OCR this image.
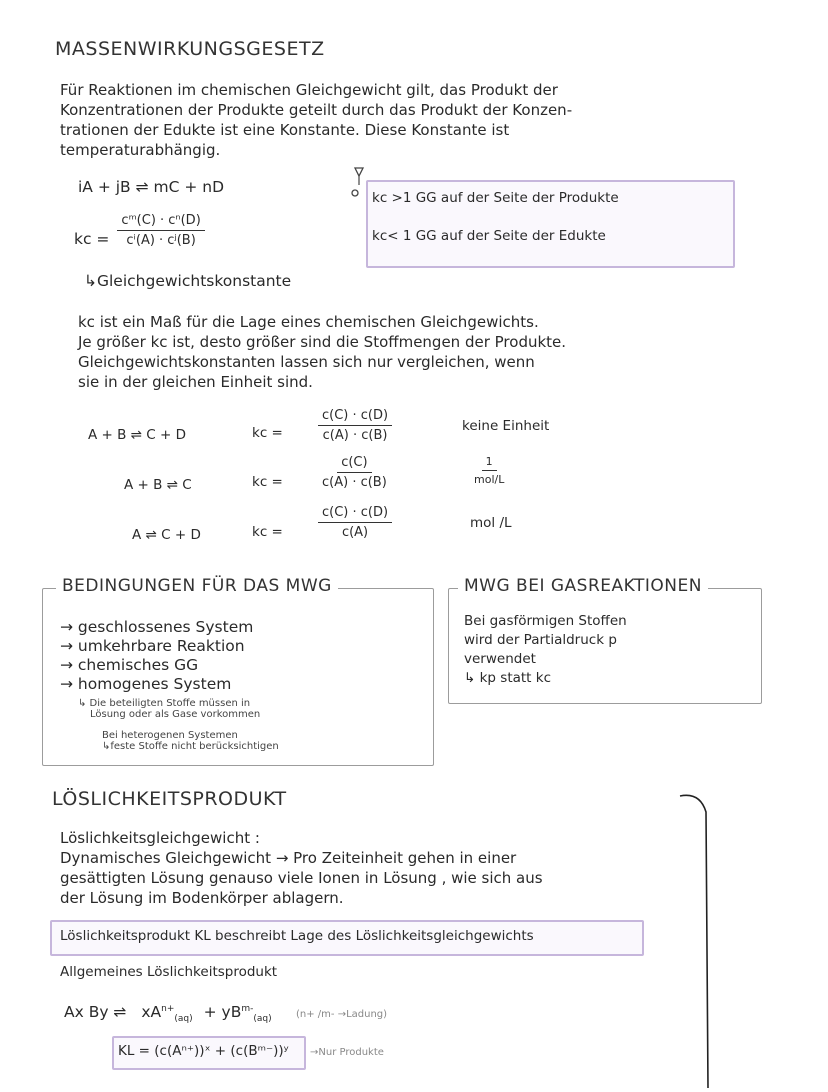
MASSENWIRKUNGSGESETZ
Für Reaktionen im chemischen Gleichgewicht gilt, das Produkt der
Konzentrationen der Produkte geteilt durch das Produkt der Konzen-
trationen der Edukte ist eine Konstante. Diese Konstante ist
temperaturabhängig.
iA + jB ⇌ mC + nD
kc = $\frac{\text{cᵐ(C) · cⁿ(D)}}{\text{cⁱ(A) · cʲ(B)}}$
↳Gleichgewichtskonstante
kc >1 GG auf der Seite der Produkte
kc< 1 GG auf der Seite der Edukte
kc ist ein Maß für die Lage eines chemischen Gleichgewichts.
Je größer kc ist, desto größer sind die Stoffmengen der Produkte.
Gleichgewichtskonstanten lassen sich nur vergleichen, wenn
sie in der gleichen Einheit sind.
A + B ⇌ C + D	kc =	$\frac{c(C) \cdot c(D)}{c(A) \cdot c(B)}$	keine Einheit
A + B ⇌ C	kc =	$\frac{c(C)}{c(A) \cdot c(B)}$	$\frac{1}{\text{mol/L}}$
A ⇌ C + D	kc =	$\frac{c(C) \cdot c(D)}{c(A)}$	mol /L
BEDINGUNGEN FÜR DAS MWG
→ geschlossenes System
→ umkehrbare Reaktion
→ chemisches GG
→ homogenes System
↳ Die beteiligten Stoffe müssen in
Lösung oder als Gase vorkommen
Bei heterogenen Systemen
↳feste Stoffe nicht berücksichtigen
MWG BEI GASREAKTIONEN
Bei gasförmigen Stoffen
wird der Partialdruck p
verwendet
↳ kp statt kc
LÖSLICHKEITSPRODUKT
Löslichkeitsgleichgewicht :
Dynamisches Gleichgewicht → Pro Zeiteinheit gehen in einer
gesättigten Lösung genauso viele Ionen in Lösung , wie sich aus
der Lösung im Bodenkörper ablagern.
Löslichkeitsprodukt KL beschreibt Lage des Löslichkeitsgleichgewichts
Allgemeines Löslichkeitsprodukt
Ax By ⇌ $xA^{n+}_{(aq)} + yB^{m-}_{(aq)}$ (n+ /m- →Ladung)
KL = (c(Aⁿ⁺))ˣ + (c(Bᵐ⁻))ʸ →Nur Produkte
